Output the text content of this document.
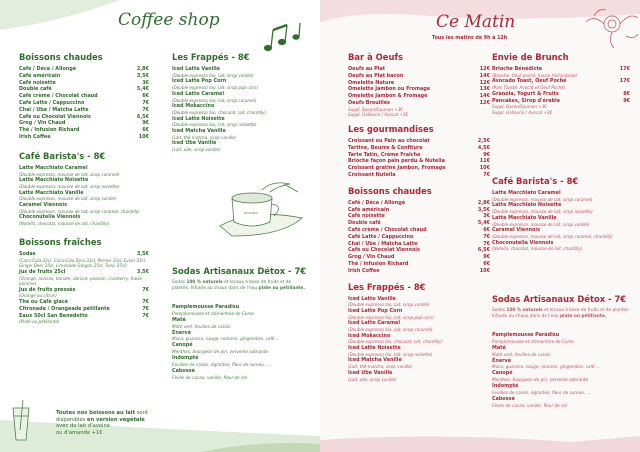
Coffee shop
Boissons chaudes
Café / Déca / Allongé	2,8€
Café américain	3,5€
Café noisette	3€
Double café	5,4€
Café crème / Chocolat chaud	6€
Café Latte / Cappuccino	7€
Chaï / Ube / Matcha Latte	7€
Café ou Chocolat Viennois	6,5€
Grog / Vin Chaud	9€
Thé / Infusion Richard	6€
Irish Coffee	10€
Café Barista's - 8€
Latte Macchiato Caramel
(Double expresso, mousse de lait, sirop caramel)
Latte Macchiato Noisette
(Double expresso, mousse de lait, sirop noisette)
Latte Macchiato Vanille
(Double expresso, mousse de lait, sirop vanille)
Caramel Viennois
(Double expresso, mousse de lait, sirop caramel, chantilly)
Choconutella Viennois
(Nutella, chocolat, mousse de lait, chantilly)
Boissons fraîches
Sodas	3,5€
(Coca-Cola 33cl, Coca-Cola Zero 33cl, Perrier 33cl, Evian 33cl, Ginger Beer 25cl, Limonade Gorgon 25cl, Tonic 25cl)
Jus de fruits 25cl	3,5€
(Orange, ananas, tomate, abricot, passion, cranberry, fraise, pomme)
Jus de fruits pressés	7€
(Orange ou citron)
Thé ou Café glacé	7€
Citronade / Orangeade pétillante	7€
Eaux 50cl San Benedetto	7€
(Plate ou pétillante)
Toutes nos boissons au lait sont
disponibles en version végétale
avec du lait d'avoine
ou d'amande +1€
Les Frappés - 8€
Iced Latte Vanille
(Double expresso bio, lait, sirop vanille)
Iced Latte Pop Corn
(Double expresso bio, lait, sirop pop corn)
Iced Latte Caramel
(Double expresso bio, lait, sirop caramel)
Iced Mokaccino
(Double expresso bio, chocolat, lait, chantilly)
Iced Latte Noisette
(Double expresso bio, lait, sirop noisette)
Iced Matcha Vanille
(Lait, thé matcha, sirop vanille)
Iced Ube Vanille
(Lait, ube, sirop vanille)
RICHARD
Sodas Artisanaux Détox - 7€
Sodas 100 % naturels et locaux à base de fruits et de plantes. Infusés au chaux dans de l'eau plate ou pétillante.
Pamplemousse Paradisu
Pamplemousse et clémentine de Corse
Maté
Maté vert, feuilles de cassis
Énervé
Maca, guarana, sauge, romarin, gingembre, café ...
Canopé
Menthes, bourgeon de pin, verveine odorante
Indompté
Feuilles de cassis, églantier, fleur de sureau, ...
Cabossé
Fèves de cacao, vanille, fleur de sel
Ce Matin
Tous les matins de 9h à 12h
Bar à Oeufs
Oeufs au Plat	12€
Oeufs au Plat bacon	14€
Omelette Nature	12€
Omelette Jambon ou Fromage	13€
Omelette Jambon & Fromage	14€
Oeufs Brouillés	12€
Suppl. Bacon/Saumon +3€
Suppl. Halloumi / Avocat +3€
Les gourmandises
Croissant ou Pain au chocolat	2,5€
Tartine, Beurre & Confiture	4,5€
Tarte Tatin, Crème Fraîche	9€
Brioche façon pain perdu & Nutella	11€
Croissant gratiné Jambon, Fromage	10€
Croissant Nutella	7€
Boissons chaudes
Café / Déca / Allongé	2,8€
Café américain	3,5€
Café noisette	3€
Double café	5,4€
Café crème / Chocolat chaud	6€
Café Latte / Cappuccino	7€
Chaï / Ube / Matcha Latte	7€
Café ou Chocolat Viennois	6,5€
Grog / Vin Chaud	9€
Thé / Infusion Richard	6€
Irish Coffee	10€
Les Frappés - 8€
Iced Latte Vanille
(Double expresso bio, lait, sirop vanille)
Iced Latte Pop Corn
(Double expresso bio, lait, sirop pop corn)
Iced Latte Caramel
(Double expresso bio, lait, sirop caramel)
Iced Mokaccino
(Double expresso bio, chocolat, lait, chantilly)
Iced Latte Noisette
(Double expresso bio, lait, sirop noisette)
Iced Matcha Vanille
(Lait, thé matcha, sirop vanille)
Iced Ube Vanille
(Lait, ube, sirop vanille)
Envie de Brunch
Brioche Bénédicte	17€
(Brioche, Oeuf poché, Sauce Hollandaise)
Avocado Toast, Oeuf Poché	17€
(Pain Toasté, Avocat et Oeuf Poché)
Granola, Yogurt & Fruits	8€
Pancakes, Sirop d'érable	9€
Suppl. Bacon/Saumon +3€
Suppl. Halloumi / Avocat +3€
Café Barista's - 8€
Latte Macchiato Caramel
(Double expresso, mousse de lait, sirop caramel)
Latte Macchiato Noisette
(Double expresso, mousse de lait, sirop noisette)
Latte Macchiato Vanille
(Double expresso, mousse de lait, sirop vanille)
Caramel Viennois
(Double expresso, mousse de lait, sirop caramel, chantilly)
Choconutella Viennois
(Nutella, chocolat, mousse de lait, chantilly)
Sodas Artisanaux Détox - 7€
Sodas 100 % naturels et locaux à base de fruits et de plantes. Infusés au chaux dans de l'eau plate ou pétillante.
Pamplemousse Paradisu
Pamplemousse et clémentine de Corse
Maté
Maté vert, feuilles de cassis
Énervé
Maca, guarana, sauge, romarin, gingembre, café ...
Canopé
Menthes, bourgeon de pin, verveine odorante
Indompté
Feuilles de cassis, églantier, fleur de sureau, ...
Cabossé
Fèves de cacao, vanille, fleur de sel
